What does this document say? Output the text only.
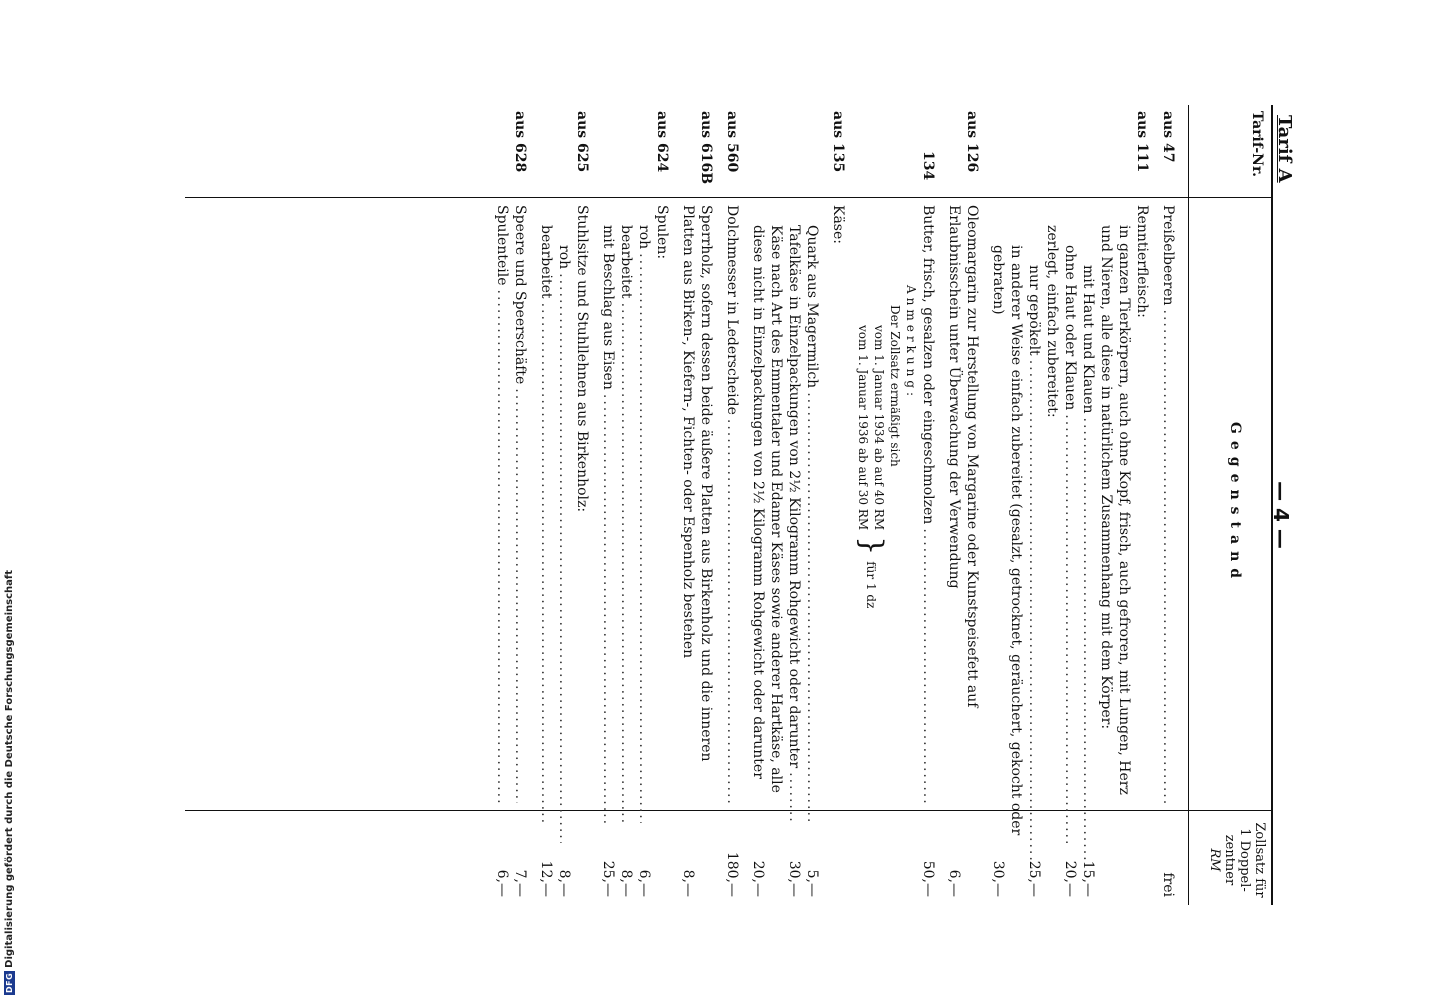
DFG
Digitalisierung gefördert durch die Deutsche Forschungsgemeinschaft
Tarif A
— 4 —
Tarif-Nr.
Gegenstand
Zollsatz für
1 Doppel-
zentner
RM
aus 47
Preißelbeeren
.....
frei
aus 111
Renntierfleisch:
in ganzen Tierkörpern, auch ohne Kopf, frisch, auch gefroren, mit Lungen, Herz und Nieren, alle diese in natürlichem Zusammenhang mit dem Körper:
mit Haut und Klauen
.....
15,—
ohne Haut oder Klauen
.....
20,—
zerlegt, einfach zubereitet:
nur gepökelt
.....
25,—
in anderer Weise einfach zubereitet (gesalzt, getrocknet, geräuchert, gekocht oder gebraten)
30,—
aus 126
Oleomargarin zur Herstellung von Margarine oder Kunstspeisefett auf Erlaubnisschein unter Überwachung der Verwendung
6,—
134
Butter, frisch, gesalzen oder eingeschmolzen
.....
50,—
Anmerkung:
Der Zollsatz ermäßigt sich
vom 1. Januar 1934 ab auf 40 RM
vom 1. Januar 1936 ab auf 30 RM
}
für 1 dz
aus 135
Käse:
Quark aus Magermilch
.....
5,—
Tafelkäse in Einzelpackungen von 2½ Kilogramm Rohgewicht oder darunter
.....
30,—
Käse nach Art des Emmentaler und Edamer Käses sowie anderer Hartkäse, alle diese nicht in Einzelpackungen von 2½ Kilogramm Rohgewicht oder darunter
20,—
aus 560
Dolchmesser in Lederscheide
.....
180,—
aus 616B
Sperrholz, sofern dessen beide äußere Platten aus Birkenholz und die inneren Platten aus Birken-, Kiefern-, Fichten- oder Espenholz bestehen
8,—
aus 624
Spulen:
roh
.....
6,—
bearbeitet
.....
8,—
mit Beschlag aus Eisen
.....
25,—
aus 625
Stuhlsitze und Stuhllehnen aus Birkenholz:
roh
.....
8,—
bearbeitet
.....
12,—
aus 628
Speere und Speerschäfte
.....
7,—
Spulenteile
.....
6,—
